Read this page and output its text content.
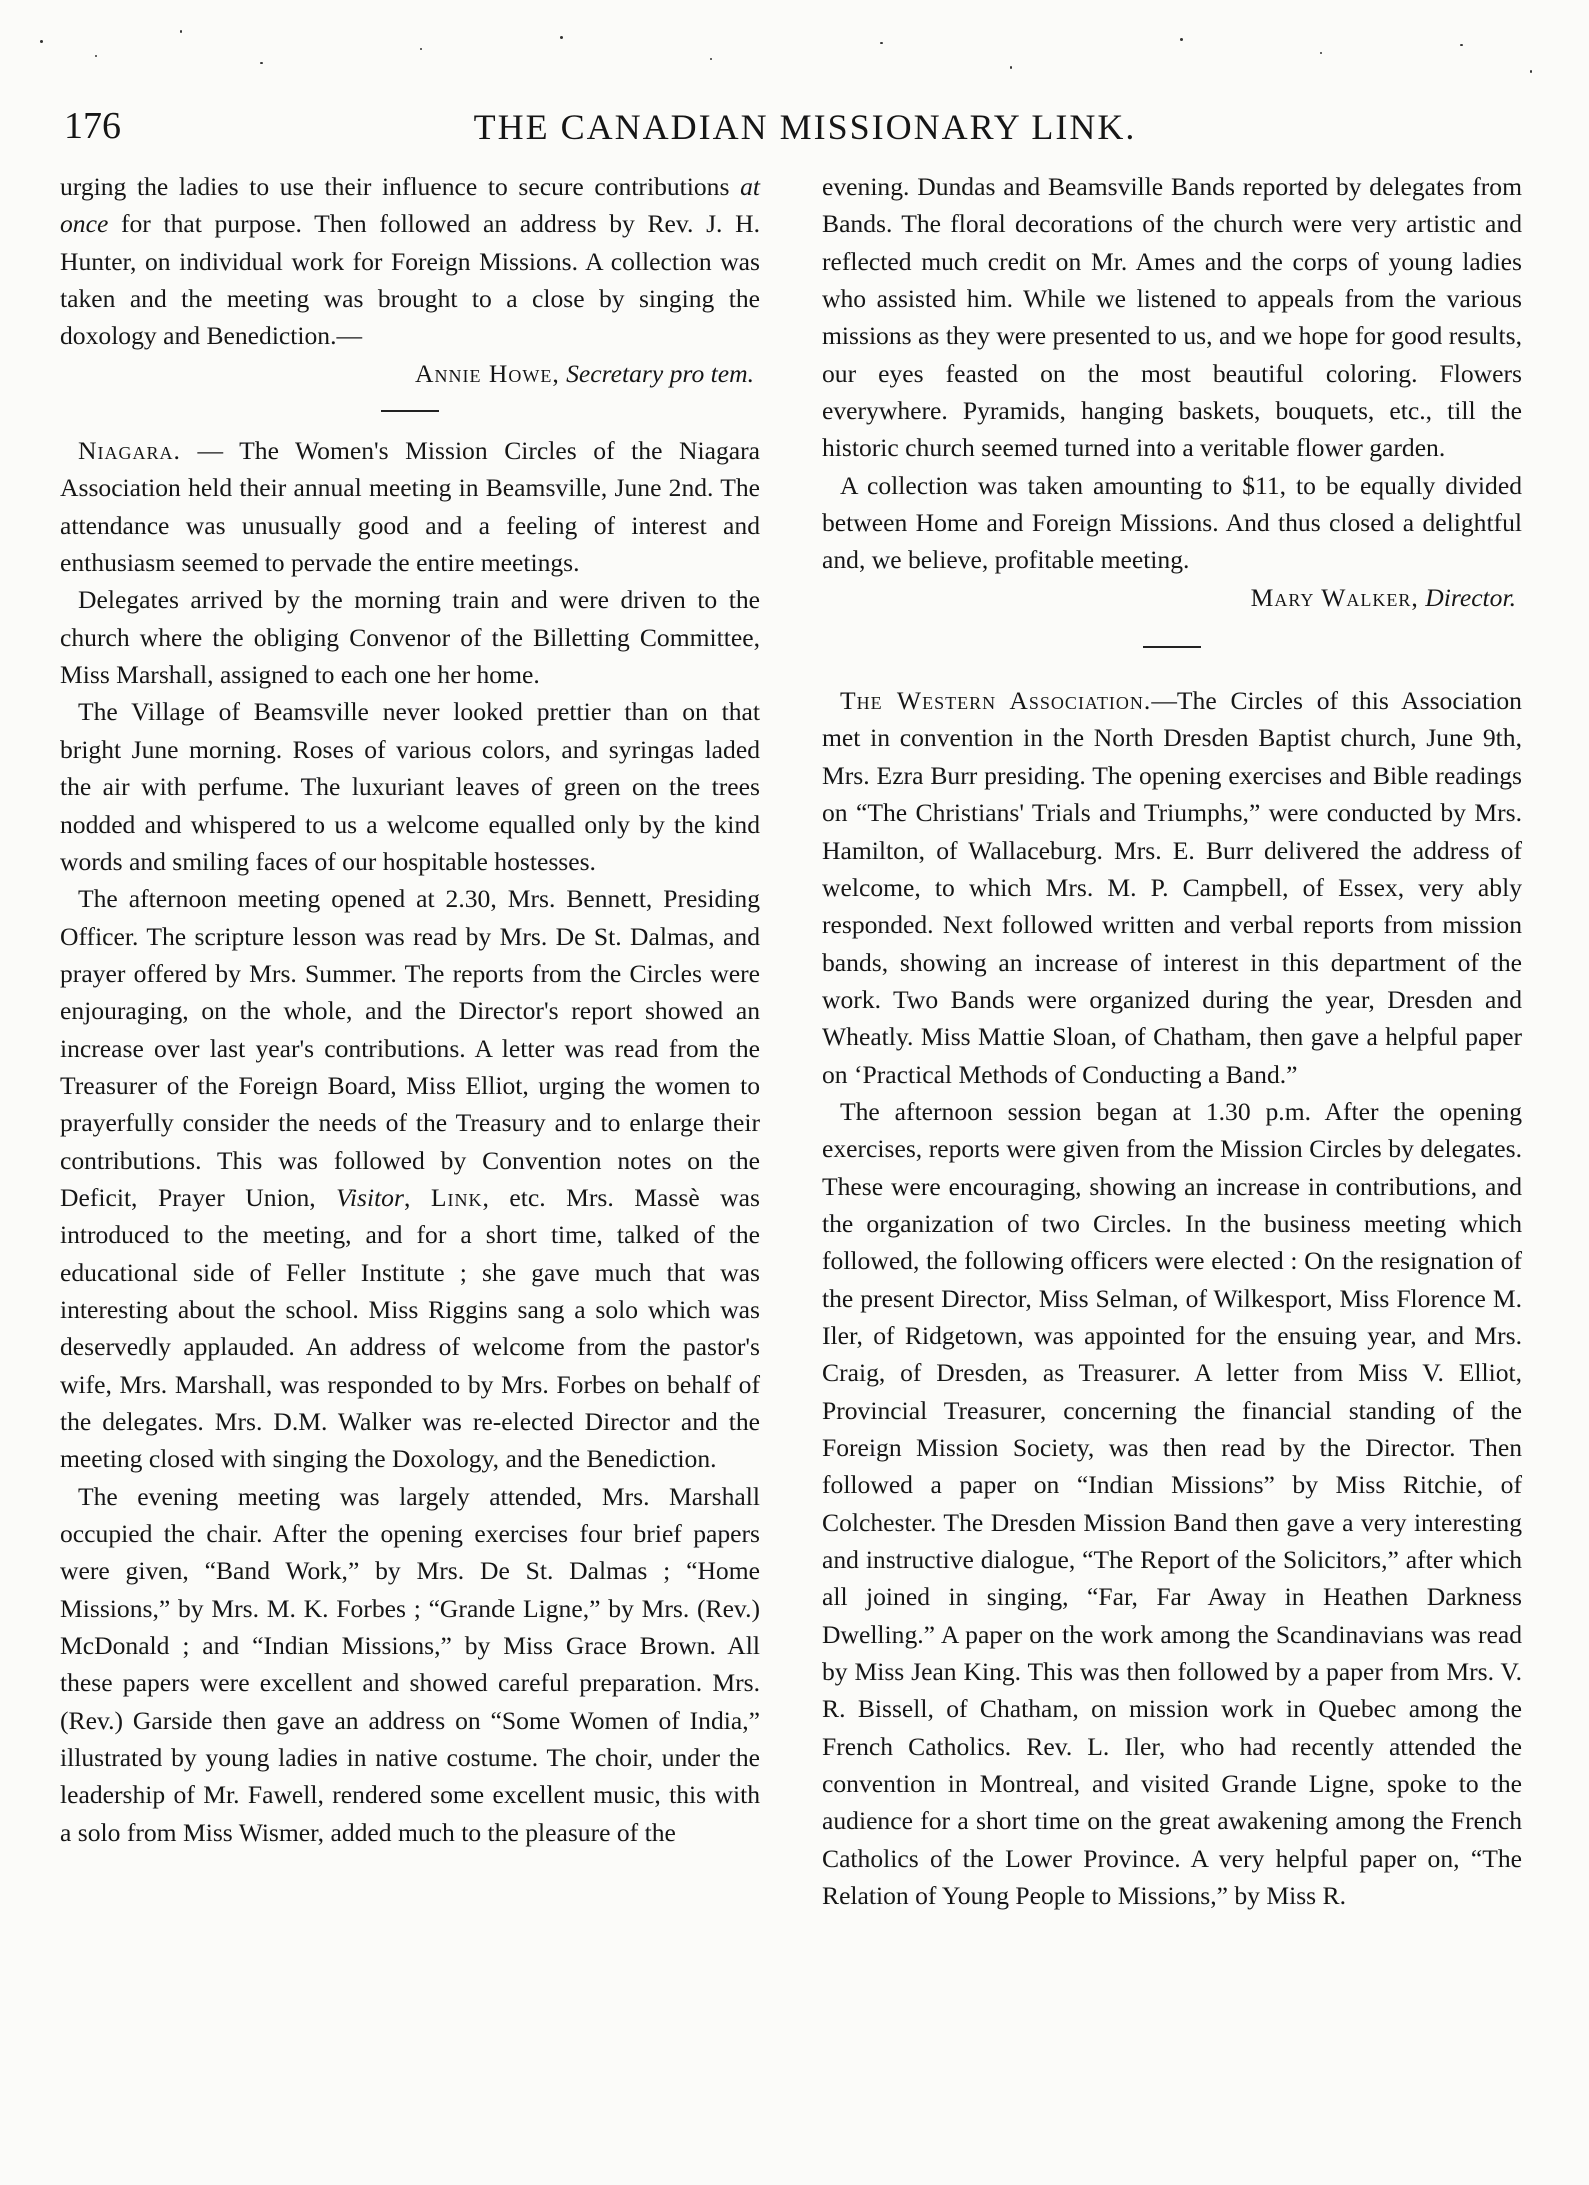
176	THE CANADIAN MISSIONARY LINK.

urging the ladies to use their influence to secure contributions at once for that purpose. Then followed an address by Rev. J. H. Hunter, on individual work for Foreign Missions. A collection was taken and the meeting was brought to a close by singing the doxology and Benediction.—

Annie Howe, Secretary pro tem.

Niagara. — The Women's Mission Circles of the Niagara Association held their annual meeting in Beamsville, June 2nd. The attendance was unusually good and a feeling of interest and enthusiasm seemed to pervade the entire meetings.

Delegates arrived by the morning train and were driven to the church where the obliging Convenor of the Billetting Committee, Miss Marshall, assigned to each one her home.

The Village of Beamsville never looked prettier than on that bright June morning. Roses of various colors, and syringas laded the air with perfume. The luxuriant leaves of green on the trees nodded and whispered to us a welcome equalled only by the kind words and smiling faces of our hospitable hostesses.

The afternoon meeting opened at 2.30, Mrs. Bennett, Presiding Officer. The scripture lesson was read by Mrs. De St. Dalmas, and prayer offered by Mrs. Summer. The reports from the Circles were enjouraging, on the whole, and the Director's report showed an increase over last year's contributions. A letter was read from the Treasurer of the Foreign Board, Miss Elliot, urging the women to prayerfully consider the needs of the Treasury and to enlarge their contributions. This was followed by Convention notes on the Deficit, Prayer Union, Visitor, Link, etc. Mrs. Massè was introduced to the meeting, and for a short time, talked of the educational side of Feller Institute ; she gave much that was interesting about the school. Miss Riggins sang a solo which was deservedly applauded. An address of welcome from the pastor's wife, Mrs. Marshall, was responded to by Mrs. Forbes on behalf of the delegates. Mrs. D.M. Walker was re-elected Director and the meeting closed with singing the Doxology, and the Benediction.

The evening meeting was largely attended, Mrs. Marshall occupied the chair. After the opening exercises four brief papers were given, “Band Work,” by Mrs. De St. Dalmas ; “Home Missions,” by Mrs. M. K. Forbes ; “Grande Ligne,” by Mrs. (Rev.) McDonald ; and “Indian Missions,” by Miss Grace Brown. All these papers were excellent and showed careful preparation. Mrs. (Rev.) Garside then gave an address on “Some Women of India,” illustrated by young ladies in native costume. The choir, under the leadership of Mr. Fawell, rendered some excellent music, this with a solo from Miss Wismer, added much to the pleasure of the

evening. Dundas and Beamsville Bands reported by delegates from Bands. The floral decorations of the church were very artistic and reflected much credit on Mr. Ames and the corps of young ladies who assisted him. While we listened to appeals from the various missions as they were presented to us, and we hope for good results, our eyes feasted on the most beautiful coloring. Flowers everywhere. Pyramids, hanging baskets, bouquets, etc., till the historic church seemed turned into a veritable flower garden.

A collection was taken amounting to $11, to be equally divided between Home and Foreign Missions. And thus closed a delightful and, we believe, profitable meeting.

Mary Walker, Director.

The Western Association.—The Circles of this Association met in convention in the North Dresden Baptist church, June 9th, Mrs. Ezra Burr presiding. The opening exercises and Bible readings on “The Christians' Trials and Triumphs,” were conducted by Mrs. Hamilton, of Wallaceburg. Mrs. E. Burr delivered the address of welcome, to which Mrs. M. P. Campbell, of Essex, very ably responded. Next followed written and verbal reports from mission bands, showing an increase of interest in this department of the work. Two Bands were organized during the year, Dresden and Wheatly. Miss Mattie Sloan, of Chatham, then gave a helpful paper on ‘Practical Methods of Conducting a Band.”

The afternoon session began at 1.30 p.m. After the opening exercises, reports were given from the Mission Circles by delegates. These were encouraging, showing an increase in contributions, and the organization of two Circles. In the business meeting which followed, the following officers were elected : On the resignation of the present Director, Miss Selman, of Wilkesport, Miss Florence M. Iler, of Ridgetown, was appointed for the ensuing year, and Mrs. Craig, of Dresden, as Treasurer. A letter from Miss V. Elliot, Provincial Treasurer, concerning the financial standing of the Foreign Mission Society, was then read by the Director. Then followed a paper on “Indian Missions” by Miss Ritchie, of Colchester. The Dresden Mission Band then gave a very interesting and instructive dialogue, “The Report of the Solicitors,” after which all joined in singing, “Far, Far Away in Heathen Darkness Dwelling.” A paper on the work among the Scandinavians was read by Miss Jean King. This was then followed by a paper from Mrs. V. R. Bissell, of Chatham, on mission work in Quebec among the French Catholics. Rev. L. Iler, who had recently attended the convention in Montreal, and visited Grande Ligne, spoke to the audience for a short time on the great awakening among the French Catholics of the Lower Province. A very helpful paper on, “The Relation of Young People to Missions,” by Miss R.
